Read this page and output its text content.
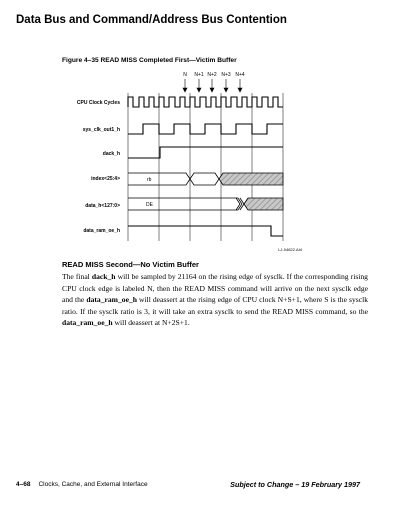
Data Bus and Command/Address Bus Contention
Figure 4–35 READ MISS Completed First—Victim Buffer
N N+1 N+2 N+3 N+4
CPU Clock Cycles
sys_clk_out1_h
dack_h
index<25:4>
data_h<127:0>
data_ram_oe_h
rb
DE
LJ-04622.AI4
READ MISS Second—No Victim Buffer

The final dack_h will be sampled by 21164 on the rising edge of sysclk. If the corresponding rising CPU clock edge is labeled N, then the READ MISS command will arrive on the next sysclk edge and the data_ram_oe_h will deassert at the rising edge of CPU clock N+S+1, where S is the sysclk ratio. If the sysclk ratio is 3, it will take an extra sysclk to send the READ MISS command, so the data_ram_oe_h will deassert at N+2S+1.

4–68 Clocks, Cache, and External Interface	Subject to Change – 19 February 1997
